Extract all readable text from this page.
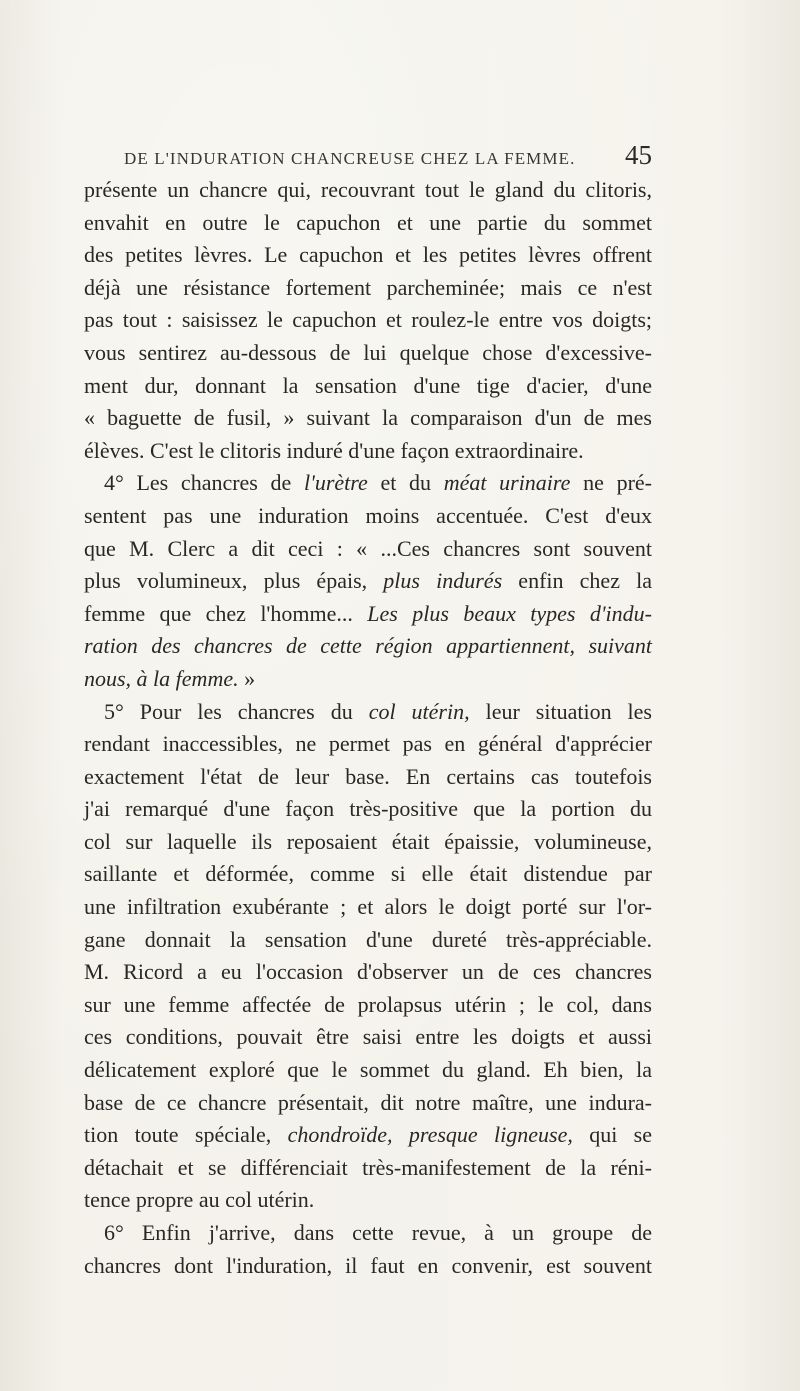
DE L'INDURATION CHANCREUSE CHEZ LA FEMME. 45
présente un chancre qui, recouvrant tout le gland du clitoris,
envahit en outre le capuchon et une partie du sommet
des petites lèvres. Le capuchon et les petites lèvres offrent
déjà une résistance fortement parcheminée; mais ce n'est
pas tout : saisissez le capuchon et roulez-le entre vos doigts;
vous sentirez au-dessous de lui quelque chose d'excessive-
ment dur, donnant la sensation d'une tige d'acier, d'une
« baguette de fusil, » suivant la comparaison d'un de mes
élèves. C'est le clitoris induré d'une façon extraordinaire.
4° Les chancres de l'urètre et du méat urinaire ne pré-
sentent pas une induration moins accentuée. C'est d'eux
que M. Clerc a dit ceci : « ...Ces chancres sont souvent
plus volumineux, plus épais, plus indurés enfin chez la
femme que chez l'homme... Les plus beaux types d'indu-
ration des chancres de cette région appartiennent, suivant
nous, à la femme. »
5° Pour les chancres du col utérin, leur situation les
rendant inaccessibles, ne permet pas en général d'apprécier
exactement l'état de leur base. En certains cas toutefois
j'ai remarqué d'une façon très-positive que la portion du
col sur laquelle ils reposaient était épaissie, volumineuse,
saillante et déformée, comme si elle était distendue par
une infiltration exubérante ; et alors le doigt porté sur l'or-
gane donnait la sensation d'une dureté très-appréciable.
M. Ricord a eu l'occasion d'observer un de ces chancres
sur une femme affectée de prolapsus utérin ; le col, dans
ces conditions, pouvait être saisi entre les doigts et aussi
délicatement exploré que le sommet du gland. Eh bien, la
base de ce chancre présentait, dit notre maître, une indura-
tion toute spéciale, chondroïde, presque ligneuse, qui se
détachait et se différenciait très-manifestement de la réni-
tence propre au col utérin.
6° Enfin j'arrive, dans cette revue, à un groupe de
chancres dont l'induration, il faut en convenir, est souvent
